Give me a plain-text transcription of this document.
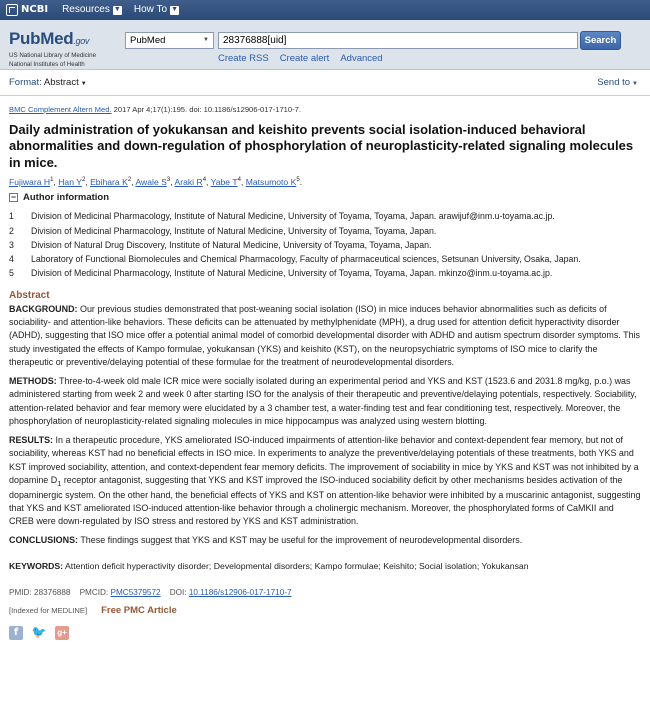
NCBI Resources ▼ How To ▼
PubMed.gov
US National Library of Medicine
National Institutes of Health
PubMed	▼
28376888[uid]	Search
Create RSS Create alert Advanced
Format: Abstract ▼	Send to ▼
BMC Complement Altern Med. 2017 Apr 4;17(1):195. doi: 10.1186/s12906-017-1710-7.
Daily administration of yokukansan and keishito prevents social isolation-induced behavioral abnormalities and down-regulation of phosphorylation of neuroplasticity-related signaling molecules in mice.
Fujiwara $H^1$, Han $Y^2$, Ebihara $K^2$, Awale $S^3$, Araki $R^4$, Yabe $T^4$, Matsumoto $K^5$.
− Author information
1	Division of Medicinal Pharmacology, Institute of Natural Medicine, University of Toyama, Toyama, Japan. arawijuf@inm.u-toyama.ac.jp.
2	Division of Medicinal Pharmacology, Institute of Natural Medicine, University of Toyama, Toyama, Japan.
3	Division of Natural Drug Discovery, Institute of Natural Medicine, University of Toyama, Toyama, Japan.
4	Laboratory of Functional Biomolecules and Chemical Pharmacology, Faculty of pharmaceutical sciences, Setsunan University, Osaka, Japan.
5	Division of Medicinal Pharmacology, Institute of Natural Medicine, University of Toyama, Toyama, Japan. mkinzo@inm.u-toyama.ac.jp.
Abstract

BACKGROUND: Our previous studies demonstrated that post-weaning social isolation (ISO) in mice induces behavior abnormalities such as deficits of sociability- and attention-like behaviors. These deficits can be attenuated by methylphenidate (MPH), a drug used for attention deficit hyperactivity disorder (ADHD), suggesting that ISO mice offer a potential animal model of comorbid developmental disorder with ADHD and autism spectrum disorder symptoms. This study investigated the effects of Kampo formulae, yokukansan (YKS) and keishito (KST), on the neuropsychiatric symptoms of ISO mice to clarify the therapeutic or preventive/delaying potential of these formulae for the treatment of neurodevelopmental disorders.

METHODS: Three-to-4-week old male ICR mice were socially isolated during an experimental period and YKS and KST (1523.6 and 2031.8 mg/kg, p.o.) was administered starting from week 2 and week 0 after starting ISO for the analysis of their therapeutic and preventive/delaying potentials, respectively. Sociability, attention-related behavior and fear memory were elucidated by a 3 chamber test, a water-finding test and fear conditioning test, respectively. Moreover, the phosphorylation of neuroplasticity-related signaling molecules in mice hippocampus was analyzed using western blotting.

RESULTS: In a therapeutic procedure, YKS ameliorated ISO-induced impairments of attention-like behavior and context-dependent fear memory, but not of sociability, whereas KST had no beneficial effects in ISO mice. In experiments to analyze the preventive/delaying potentials of these treatments, both YKS and KST improved sociability, attention, and context-dependent fear memory deficits. The improvement of sociability in mice by YKS and KST was not inhibited by a dopamine $D_1$ receptor antagonist, suggesting that YKS and KST improved the ISO-induced sociability deficit by other mechanisms besides activation of the dopaminergic system. On the other hand, the beneficial effects of YKS and KST on attention-like behavior were inhibited by a muscarinic antagonist, suggesting that YKS and KST ameliorated ISO-induced attention-like behavior through a cholinergic mechanism. Moreover, the phosphorylated forms of CaMKII and CREB were down-regulated by ISO stress and restored by YKS and KST administration.

CONCLUSIONS: These findings suggest that YKS and KST may be useful for the improvement of neurodevelopmental disorders.

KEYWORDS: Attention deficit hyperactivity disorder; Developmental disorders; Kampo formulae; Keishito; Social isolation; Yokukansan
PMID: 28376888 PMCID: PMC5379572 DOI: 10.1186/s12906-017-1710-7
[Indexed for MEDLINE] Free PMC Article
f	🐦 g+
